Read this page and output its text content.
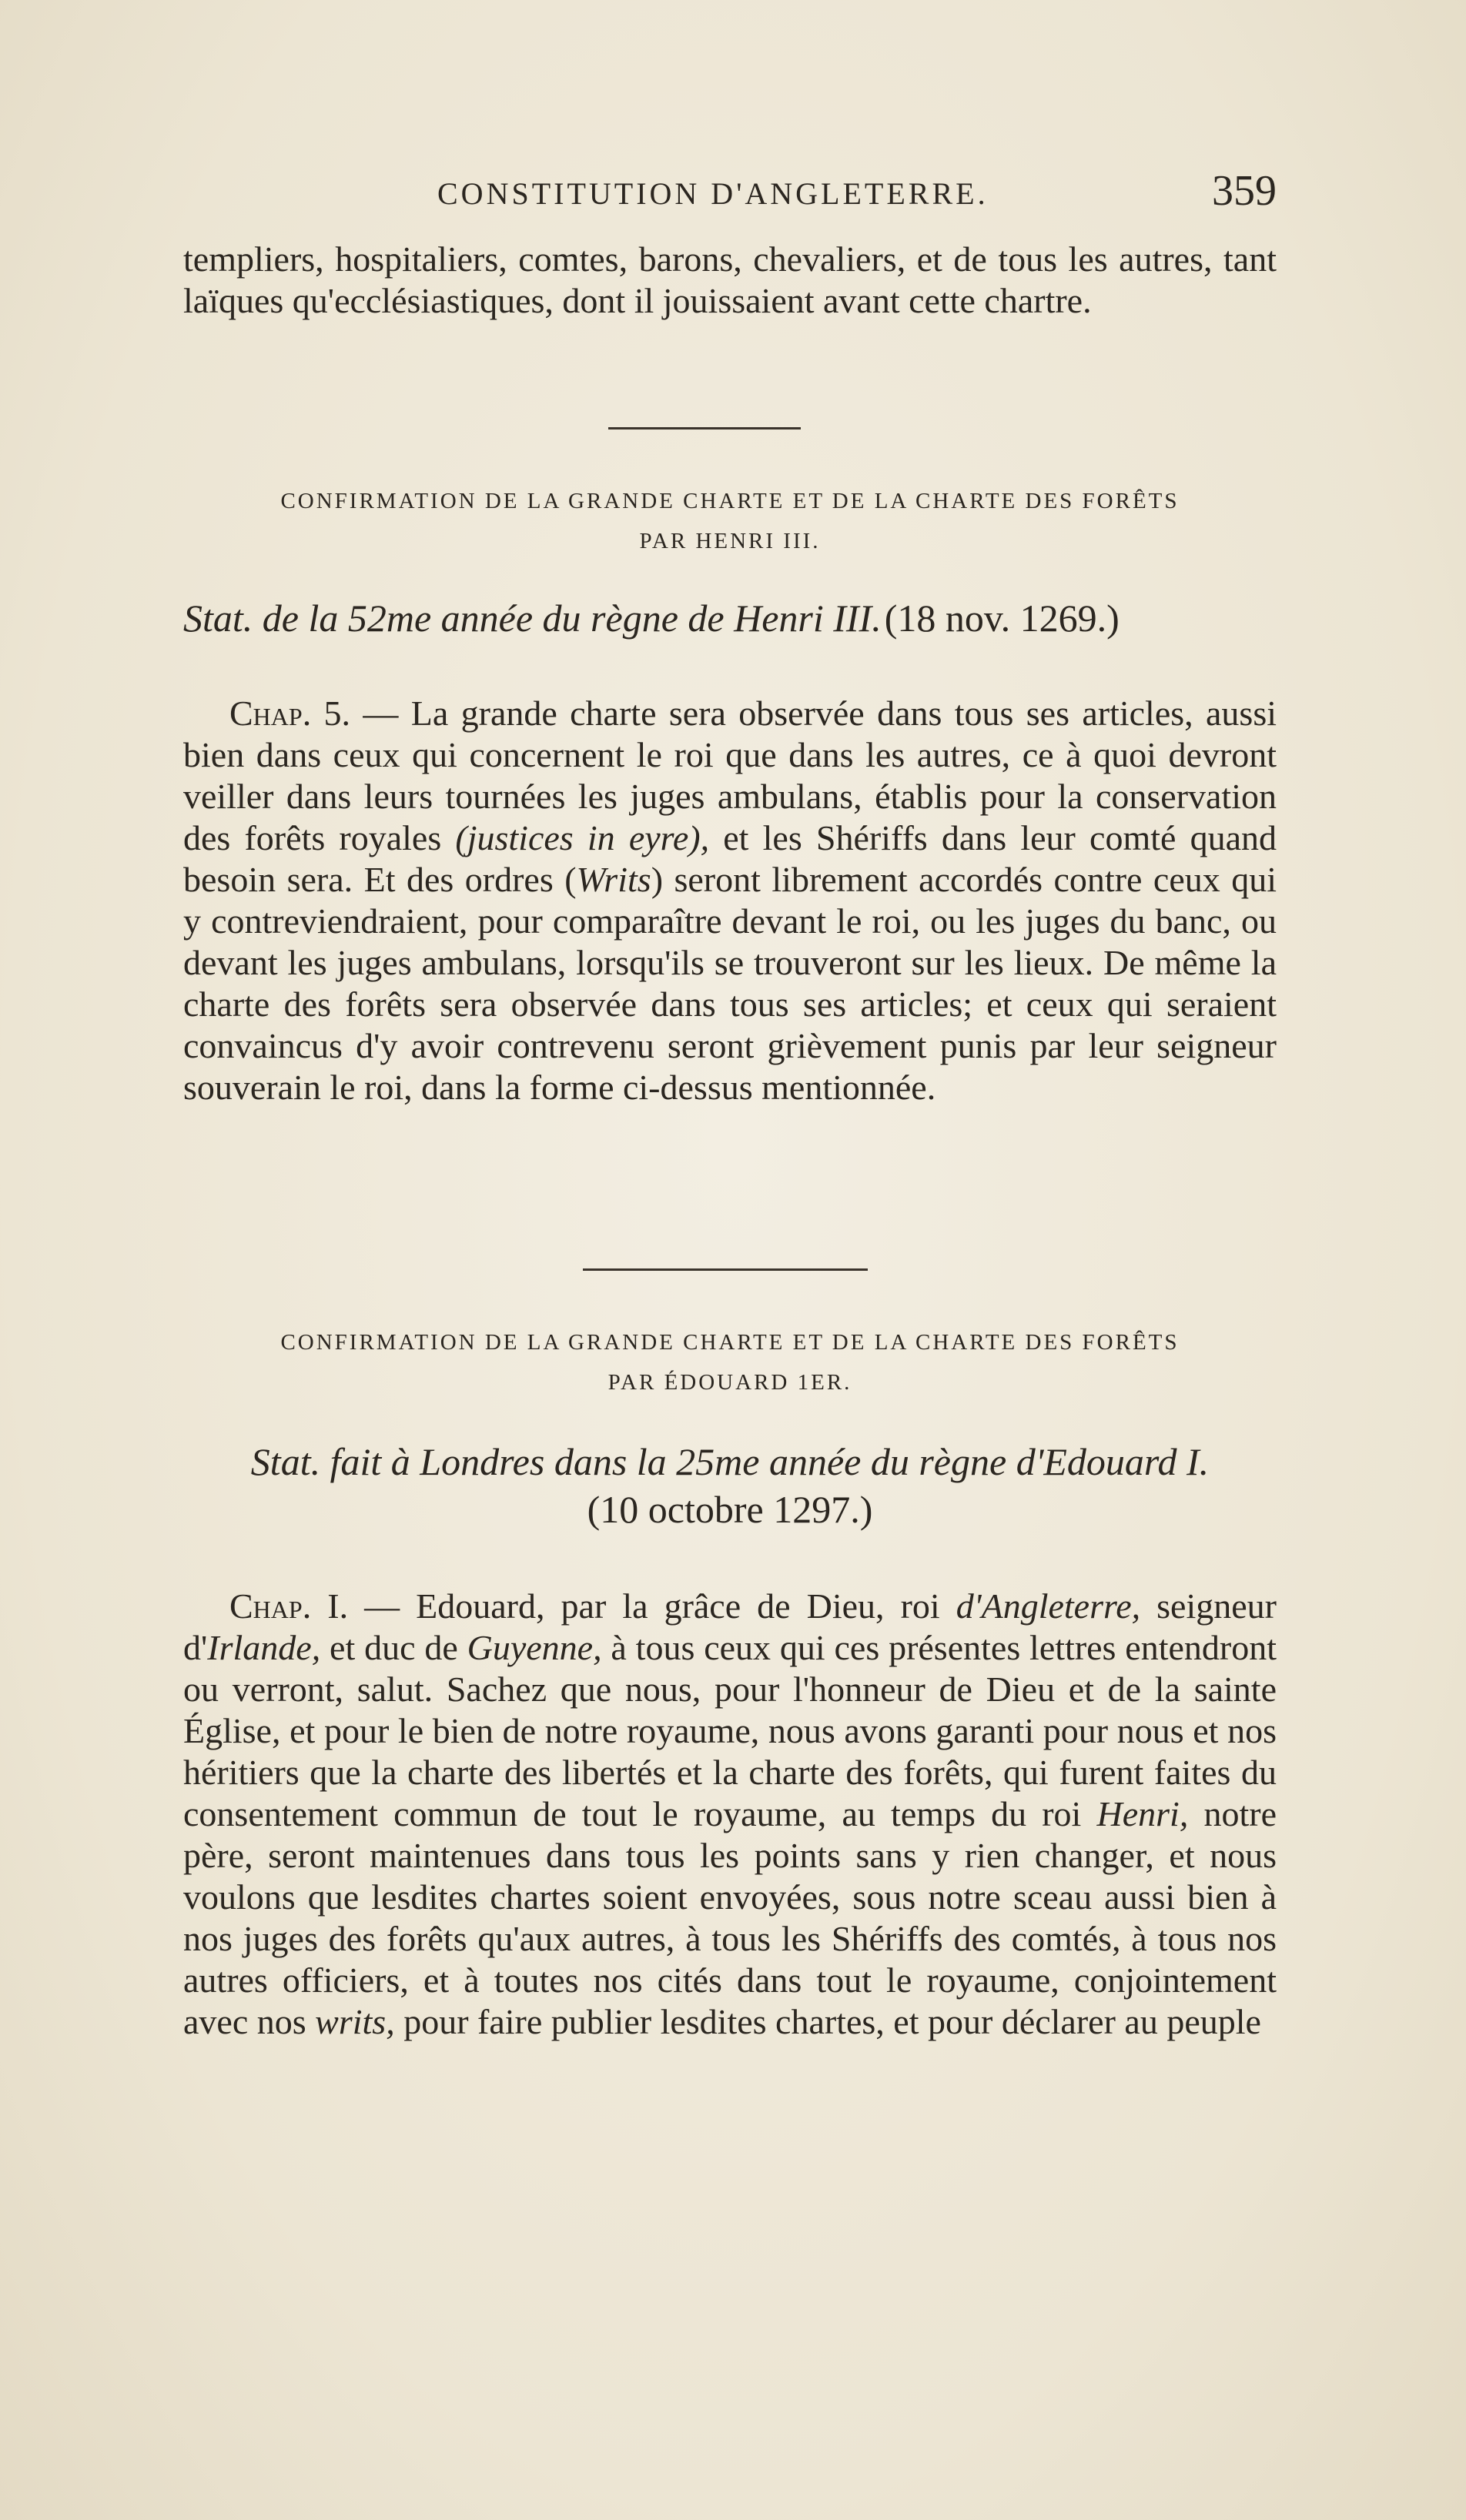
CONSTITUTION D'ANGLETERRE.	359

templiers, hospitaliers, comtes, barons, chevaliers, et de tous les autres, tant laïques qu'ecclésiastiques, dont il jouissaient avant cette chartre.

CONFIRMATION DE LA GRANDE CHARTE ET DE LA CHARTE DES FORÊTS
PAR HENRI III.
Stat. de la 52me année du règne de Henri III. (18 nov. 1269.)

Chap. 5. — La grande charte sera observée dans tous ses articles, aussi bien dans ceux qui concernent le roi que dans les autres, ce à quoi devront veiller dans leurs tournées les juges ambulans, établis pour la conservation des forêts royales (justices in eyre), et les Shériffs dans leur comté quand besoin sera. Et des ordres (Writs) seront librement accordés contre ceux qui y contreviendraient, pour comparaître devant le roi, ou les juges du banc, ou devant les juges ambulans, lorsqu'ils se trouveront sur les lieux. De même la charte des forêts sera observée dans tous ses articles; et ceux qui seraient convaincus d'y avoir contrevenu seront grièvement punis par leur seigneur souverain le roi, dans la forme ci-dessus mentionnée.

CONFIRMATION DE LA GRANDE CHARTE ET DE LA CHARTE DES FORÊTS
PAR ÉDOUARD 1ER.
Stat. fait à Londres dans la 25me année du règne d'Edouard I.
(10 octobre 1297.)

Chap. I. — Edouard, par la grâce de Dieu, roi d'Angleterre, seigneur d'Irlande, et duc de Guyenne, à tous ceux qui ces présentes lettres entendront ou verront, salut. Sachez que nous, pour l'honneur de Dieu et de la sainte Église, et pour le bien de notre royaume, nous avons garanti pour nous et nos héritiers que la charte des libertés et la charte des forêts, qui furent faites du consentement commun de tout le royaume, au temps du roi Henri, notre père, seront maintenues dans tous les points sans y rien changer, et nous voulons que lesdites chartes soient envoyées, sous notre sceau aussi bien à nos juges des forêts qu'aux autres, à tous les Shériffs des comtés, à tous nos autres officiers, et à toutes nos cités dans tout le royaume, conjointement avec nos writs, pour faire publier lesdites chartes, et pour déclarer au peuple
